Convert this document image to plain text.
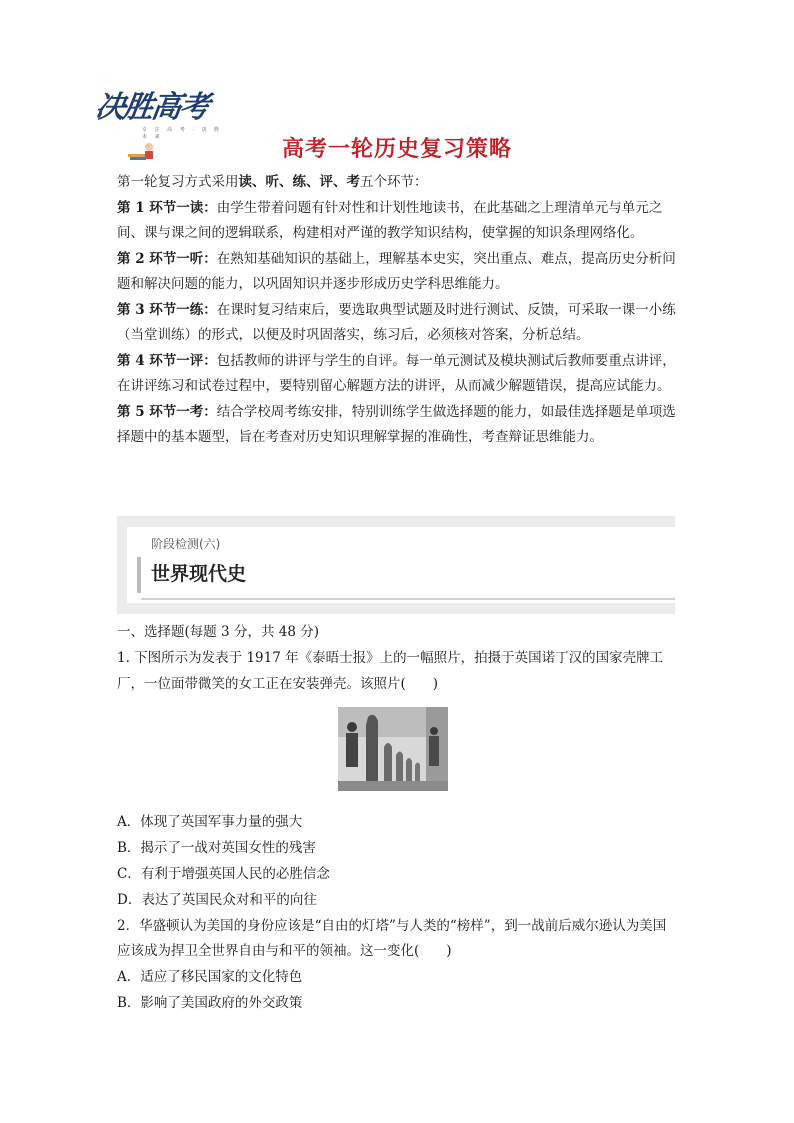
决胜高考
专 注 高 考 · 决 胜 未 来	高考一轮历史复习策略

第一轮复习方式采用读、听、练、评、考五个环节：

第 1 环节一读：由学生带着问题有针对性和计划性地读书，在此基础之上理清单元与单元之间、课与课之间的逻辑联系，构建相对严谨的教学知识结构，使掌握的知识条理网络化。

第 2 环节一听：在熟知基础知识的基础上，理解基本史实，突出重点、难点，提高历史分析问题和解决问题的能力，以巩固知识并逐步形成历史学科思维能力。

第 3 环节一练：在课时复习结束后，要选取典型试题及时进行测试、反馈，可采取一课一小练（当堂训练）的形式，以便及时巩固落实，练习后，必须核对答案，分析总结。

第 4 环节一评：包括教师的讲评与学生的自评。每一单元测试及模块测试后教师要重点讲评，在讲评练习和试卷过程中，要特别留心解题方法的讲评，从而减少解题错误，提高应试能力。

第 5 环节一考：结合学校周考练安排，特别训练学生做选择题的能力，如最佳选择题是单项选择题中的基本题型，旨在考查对历史知识理解掌握的准确性，考查辩证思维能力。

阶段检测(六)
世界现代史

一、选择题(每题 3 分，共 48 分)

1. 下图所示为发表于 1917 年《泰晤士报》上的一幅照片，拍摄于英国诺丁汉的国家壳牌工厂，一位面带微笑的女工正在安装弹壳。该照片(　　)

A．体现了英国军事力量的强大

B．揭示了一战对英国女性的残害

C．有利于增强英国人民的必胜信念

D．表达了英国民众对和平的向往

2．华盛顿认为美国的身份应该是“自由的灯塔”与人类的“榜样”，到一战前后威尔逊认为美国应该成为捍卫全世界自由与和平的领袖。这一变化(　　)

A．适应了移民国家的文化特色

B．影响了美国政府的外交政策
